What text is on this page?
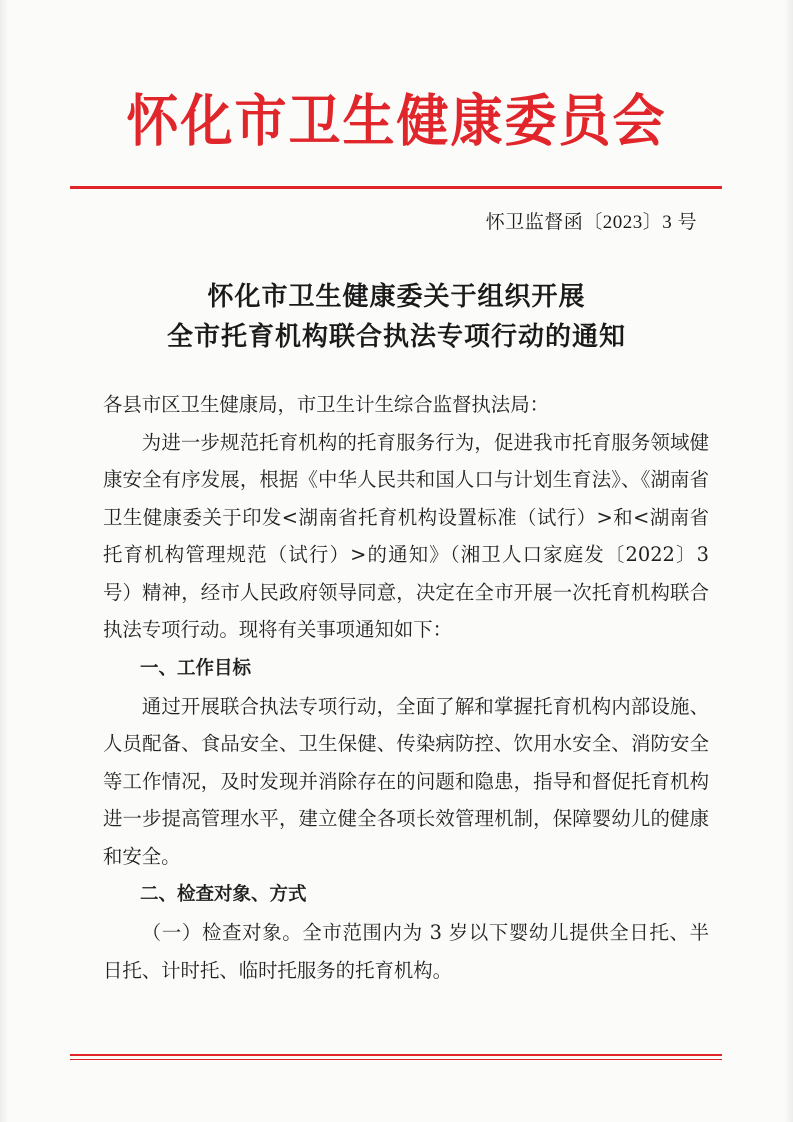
怀化市卫生健康委员会
怀卫监督函〔2023〕3 号
怀化市卫生健康委关于组织开展
全市托育机构联合执法专项行动的通知

各县市区卫生健康局，市卫生计生综合监督执法局：

为进一步规范托育机构的托育服务行为，促进我市托育服务领域健康安全有序发展，根据《中华人民共和国人口与计划生育法》、《湖南省卫生健康委关于印发<湖南省托育机构设置标准（试行）>和<湖南省托育机构管理规范（试行）>的通知》（湘卫人口家庭发〔2022〕3 号）精神，经市人民政府领导同意，决定在全市开展一次托育机构联合执法专项行动。现将有关事项通知如下：

一、工作目标

通过开展联合执法专项行动，全面了解和掌握托育机构内部设施、人员配备、食品安全、卫生保健、传染病防控、饮用水安全、消防安全等工作情况，及时发现并消除存在的问题和隐患，指导和督促托育机构进一步提高管理水平，建立健全各项长效管理机制，保障婴幼儿的健康和安全。

二、检查对象、方式

（一）检查对象。全市范围内为 3 岁以下婴幼儿提供全日托、半日托、计时托、临时托服务的托育机构。
